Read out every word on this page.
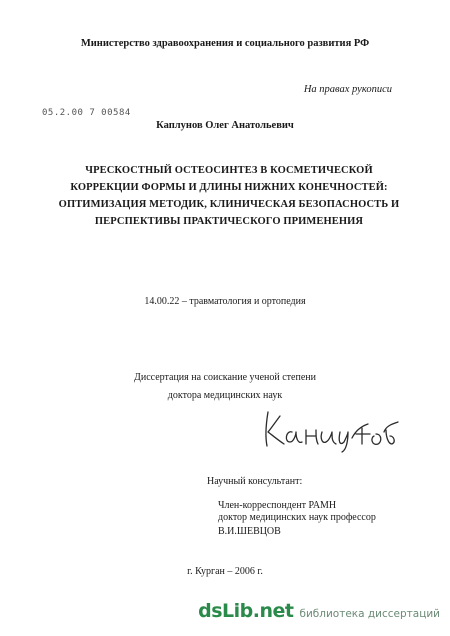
Министерство здравоохранения и социального развития РФ
На правах рукописи
05.2.00 7 00584
Каплунов Олег Анатольевич
ЧРЕСКОСТНЫЙ ОСТЕОСИНТЕЗ В КОСМЕТИЧЕСКОЙ
КОРРЕКЦИИ ФОРМЫ И ДЛИНЫ НИЖНИХ КОНЕЧНОСТЕЙ:
ОПТИМИЗАЦИЯ МЕТОДИК, КЛИНИЧЕСКАЯ БЕЗОПАСНОСТЬ И
ПЕРСПЕКТИВЫ ПРАКТИЧЕСКОГО ПРИМЕНЕНИЯ
14.00.22 – травматология и ортопедия
Диссертация на соискание ученой степени
доктора медицинских наук
Научный консультант:
Член-корреспондент РАМН
доктор медицинских наук профессор
В.И.ШЕВЦОВ
г. Курган – 2006 г.
dsLib.net библиотека диссертаций
